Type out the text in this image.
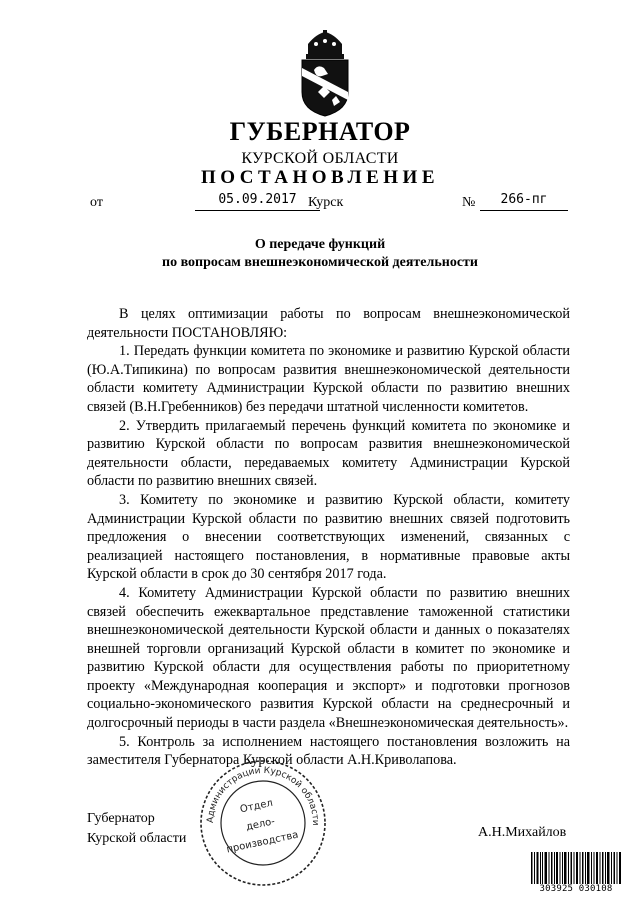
ГУБЕРНАТОР
КУРСКОЙ ОБЛАСТИ
ПОСТАНОВЛЕНИЕ
от	05.09.2017 Курск	№	266-пг
О передаче функций
по вопросам внешнеэкономической деятельности

В целях оптимизации работы по вопросам внешнеэкономической деятельности ПОСТАНОВЛЯЮ:

1. Передать функции комитета по экономике и развитию Курской области (Ю.А.Типикина) по вопросам развития внешнеэкономической деятельности области комитету Администрации Курской области по развитию внешних связей (В.Н.Гребенников) без передачи штатной численности комитетов.

2. Утвердить прилагаемый перечень функций комитета по экономике и развитию Курской области по вопросам развития внешнеэкономической деятельности области, передаваемых комитету Администрации Курской области по развитию внешних связей.

3. Комитету по экономике и развитию Курской области, комитету Администрации Курской области по развитию внешних связей подготовить предложения о внесении соответствующих изменений, связанных с реализацией настоящего постановления, в нормативные правовые акты Курской области в срок до 30 сентября 2017 года.

4. Комитету Администрации Курской области по развитию внешних связей обеспечить ежеквартальное представление таможенной статистики внешнеэкономической деятельности Курской области и данных о показателях внешней торговли организаций Курской области в комитет по экономике и развитию Курской области для осуществления работы по приоритетному проекту «Международная кооперация и экспорт» и подготовки прогнозов социально-экономического развития Курской области на среднесрочный и долгосрочный периоды в части раздела «Внешнеэкономическая деятельность».

5. Контроль за исполнением настоящего постановления возложить на заместителя Губернатора Курской области А.Н.Криволапова.

Губернатор
Курской области	А.Н.Михайлов
Администрации Курской области
Отдел
дело-
производства
303925 030108
